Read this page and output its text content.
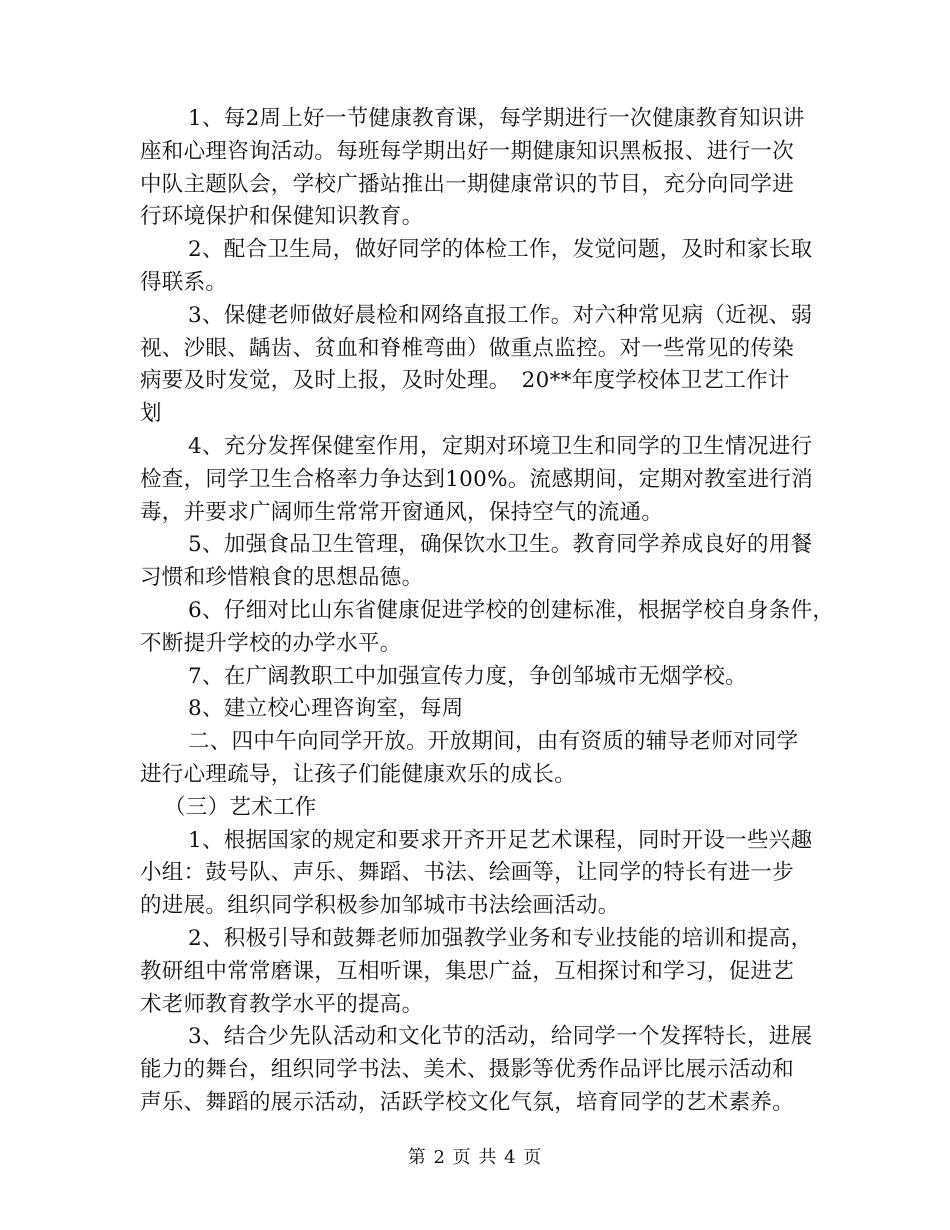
1、每2周上好一节健康教育课，每学期进行一次健康教育知识讲
座和心理咨询活动。每班每学期出好一期健康知识黑板报、进行一次
中队主题队会，学校广播站推出一期健康常识的节目，充分向同学进
行环境保护和保健知识教育。
2、配合卫生局，做好同学的体检工作，发觉问题，及时和家长取
得联系。
3、保健老师做好晨检和网络直报工作。对六种常见病（近视、弱
视、沙眼、龋齿、贫血和脊椎弯曲）做重点监控。对一些常见的传染
病要及时发觉，及时上报，及时处理。　20**年度学校体卫艺工作计
划
4、充分发挥保健室作用，定期对环境卫生和同学的卫生情况进行
检查，同学卫生合格率力争达到100%。流感期间，定期对教室进行消
毒，并要求广阔师生常常开窗通风，保持空气的流通。
5、加强食品卫生管理，确保饮水卫生。教育同学养成良好的用餐
习惯和珍惜粮食的思想品德。
6、仔细对比山东省健康促进学校的创建标准，根据学校自身条件，
不断提升学校的办学水平。
7、在广阔教职工中加强宣传力度，争创邹城市无烟学校。
8、建立校心理咨询室，每周
二、四中午向同学开放。开放期间，由有资质的辅导老师对同学
进行心理疏导，让孩子们能健康欢乐的成长。
（三）艺术工作
1、根据国家的规定和要求开齐开足艺术课程，同时开设一些兴趣
小组：鼓号队、声乐、舞蹈、书法、绘画等，让同学的特长有进一步
的进展。组织同学积极参加邹城市书法绘画活动。
2、积极引导和鼓舞老师加强教学业务和专业技能的培训和提高，
教研组中常常磨课，互相听课，集思广益，互相探讨和学习，促进艺
术老师教育教学水平的提高。
3、结合少先队活动和文化节的活动，给同学一个发挥特长，进展
能力的舞台，组织同学书法、美术、摄影等优秀作品评比展示活动和
声乐、舞蹈的展示活动，活跃学校文化气氛，培育同学的艺术素养。
第 2 页 共 4 页
